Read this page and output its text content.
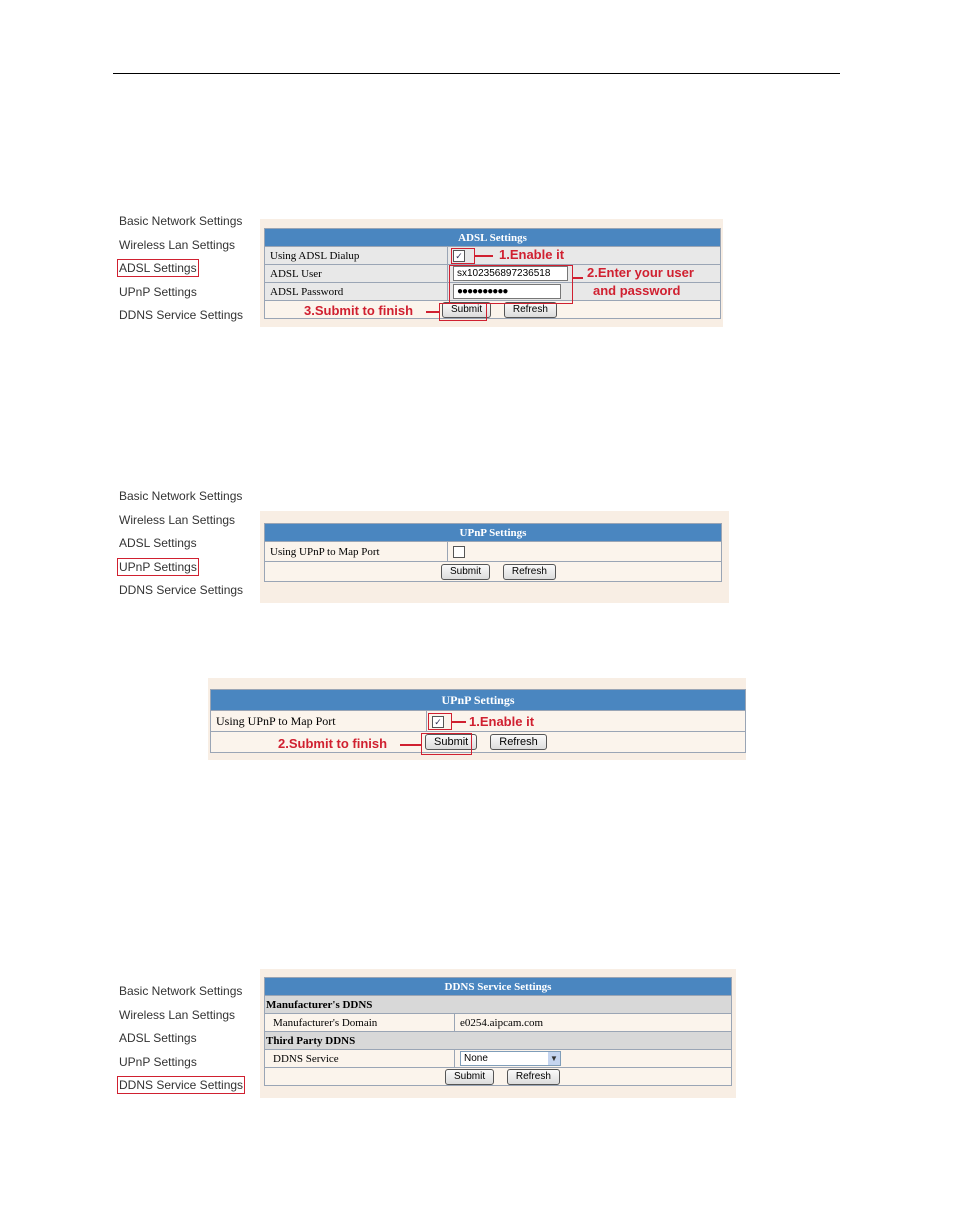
Basic Network Settings
Wireless Lan Settings
ADSL Settings
UPnP Settings
DDNS Service Settings
ADSL Settings	
Using ADSL Dialup	✓
ADSL User	sx102356897236518
ADSL Password	●●●●●●●●●●
Submit Refresh	
1.Enable it
2.Enter your user
and password
3.Submit to finish
Basic Network Settings
Wireless Lan Settings
ADSL Settings
UPnP Settings
DDNS Service Settings
UPnP Settings
Using UPnP to Map Port	
Submit	Refresh
UPnP Settings
Using UPnP to Map Port	✓
Submit	Refresh
1.Enable it
2.Submit to finish
Basic Network Settings
Wireless Lan Settings
ADSL Settings
UPnP Settings
DDNS Service Settings
DDNS Service Settings	
Manufacturer's DDNS	
Manufacturer's Domain	e0254.aipcam.com
Third Party DDNS	
DDNS Service	None ▼

Submit Refresh	
